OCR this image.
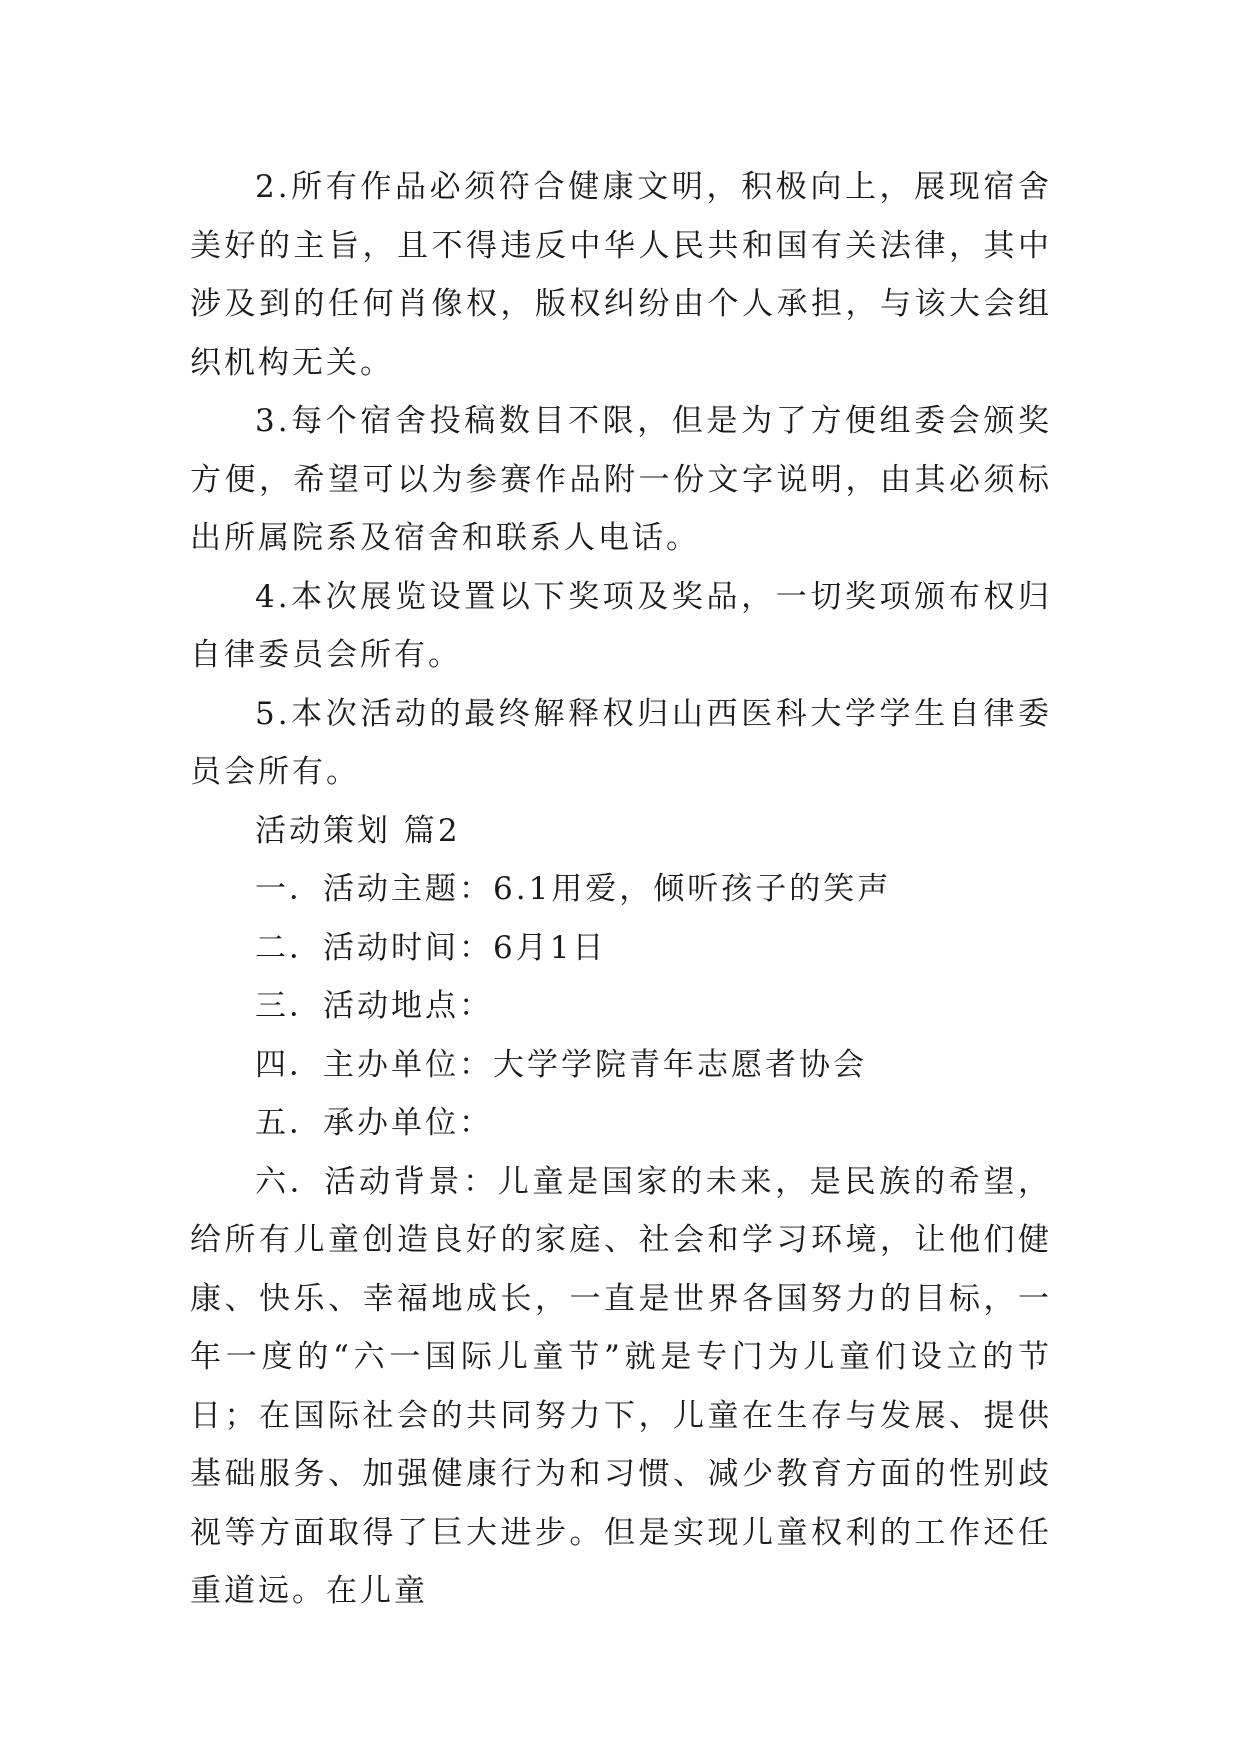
2.所有作品必须符合健康文明，积极向上，展现宿舍美好的主旨，且不得违反中华人民共和国有关法律，其中涉及到的任何肖像权，版权纠纷由个人承担，与该大会组织机构无关。

3.每个宿舍投稿数目不限，但是为了方便组委会颁奖方便，希望可以为参赛作品附一份文字说明，由其必须标出所属院系及宿舍和联系人电话。

4.本次展览设置以下奖项及奖品，一切奖项颁布权归自律委员会所有。

5.本次活动的最终解释权归山西医科大学学生自律委员会所有。

活动策划 篇2

一．活动主题：6.1用爱，倾听孩子的笑声

二．活动时间：6月1日

三．活动地点：

四．主办单位：大学学院青年志愿者协会

五．承办单位：

六．活动背景：儿童是国家的未来，是民族的希望，给所有儿童创造良好的家庭、社会和学习环境，让他们健康、快乐、幸福地成长，一直是世界各国努力的目标，一年一度的“六一国际儿童节”就是专门为儿童们设立的节日；在国际社会的共同努力下，儿童在生存与发展、提供基础服务、加强健康行为和习惯、减少教育方面的性别歧视等方面取得了巨大进步。但是实现儿童权利的工作还任重道远。在儿童
